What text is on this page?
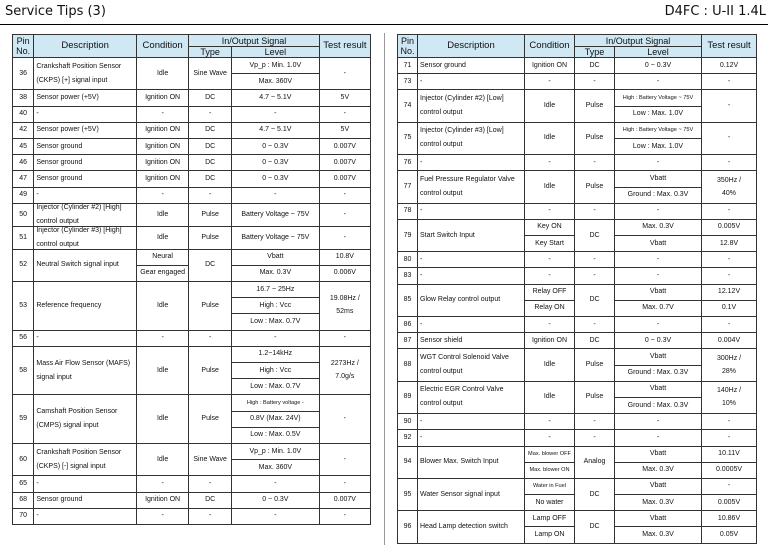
Service Tips (3)	D4FC : U-II 1.4L
Pin
No.	Description	Condition	In/Output Signal		Test result
			Type	Level	
36	Crankshaft Position Sensor
(CKPS) [+] signal input	Idle	Sine Wave	Vp_p : Min. 1.0V	-
				Max. 360V	
38	Sensor power (+5V)	Ignition ON	DC	4.7 ~ 5.1V	5V
40	-	-	-	-	-
42	Sensor power (+5V)	Ignition ON	DC	4.7 ~ 5.1V	5V
45	Sensor ground	Ignition ON	DC	0 ~ 0.3V	0.007V
46	Sensor ground	Ignition ON	DC	0 ~ 0.3V	0.007V
47	Sensor ground	Ignition ON	DC	0 ~ 0.3V	0.007V
49	-	-	-	-	-
50	Injector (Cylinder #2) [High]
control output	Idle	Pulse	Battery Voltage ~ 75V	-
51	Injector (Cylinder #3) [High]
control output	Idle	Pulse	Battery Voltage ~ 75V	-
52	Neutral Switch signal input	Neural	DC	Vbatt	10.8V
		Gear engaged		Max. 0.3V	0.006V
53	Reference frequency	Idle	Pulse	16.7 ~ 25Hz	19.08Hz /
52ms
				High : Vcc	
				Low : Max. 0.7V	
56	-	-	-	-	-
58	Mass Air Flow Sensor (MAFS)
signal input	Idle	Pulse	1.2~14kHz	2273Hz /
7.0g/s
				High : Vcc	
				Low : Max. 0.7V	
59	Camshaft Position Sensor
(CMPS) signal input	Idle	Pulse	High : Battery voltage -	-
				0.8V (Max. 24V)	
				Low : Max. 0.5V	
60	Crankshaft Position Sensor
(CKPS) [-] signal input	Idle	Sine Wave	Vp_p : Min. 1.0V	-
				Max. 360V	
65	-	-	-	-	-
68	Sensor ground	Ignition ON	DC	0 ~ 0.3V	0.007V
70	-	-	-	-	-
Pin
No.	Description	Condition	In/Output Signal		Test result
			Type	Level	
71	Sensor ground	Ignition ON	DC	0 ~ 0.3V	0.12V
73	-	-	-	-	-
74	Injector (Cylinder #2) [Low]
control output	Idle	Pulse	High : Battery Voltage ~ 75V	-
				Low : Max. 1.0V	
75	Injector (Cylinder #3) [Low]
control output	Idle	Pulse	High : Battery Voltage ~ 75V	-
				Low : Max. 1.0V	
76	-	-	-	-	-
77	Fuel Pressure Regulator Valve
control output	Idle	Pulse	Vbatt	350Hz /
40%
				Ground : Max. 0.3V	
78	-	-	-	-	-
79	Start Switch Input	Key ON	DC	Max. 0.3V	0.005V
		Key Start		Vbatt	12.8V
80	-	-	-	-	-
83	-	-	-	-	-
85	Glow Relay control output	Relay OFF	DC	Vbatt	12.12V
		Relay ON		Max. 0.7V	0.1V
86	-	-	-	-	-
87	Sensor shield	Ignition ON	DC	0 ~ 0.3V	0.004V
88	WGT Control Solenoid Valve
control output	Idle	Pulse	Vbatt	300Hz /
28%
				Ground : Max. 0.3V	
89	Electric EGR Control Valve
control output	Idle	Pulse	Vbatt	140Hz /
10%
				Ground : Max. 0.3V	
90	-	-	-	-	-
92	-	-	-	-	-
94	Blower Max. Switch Input	Max. blower OFF	Analog	Vbatt	10.11V
		Max. blower ON		Max. 0.3V	0.0005V
95	Water Sensor signal input	Water in Fuel	DC	Vbatt	-
		No water		Max. 0.3V	0.005V
96	Head Lamp detection switch	Lamp OFF	DC	Vbatt	10.86V
		Lamp ON		Max. 0.3V	0.05V
